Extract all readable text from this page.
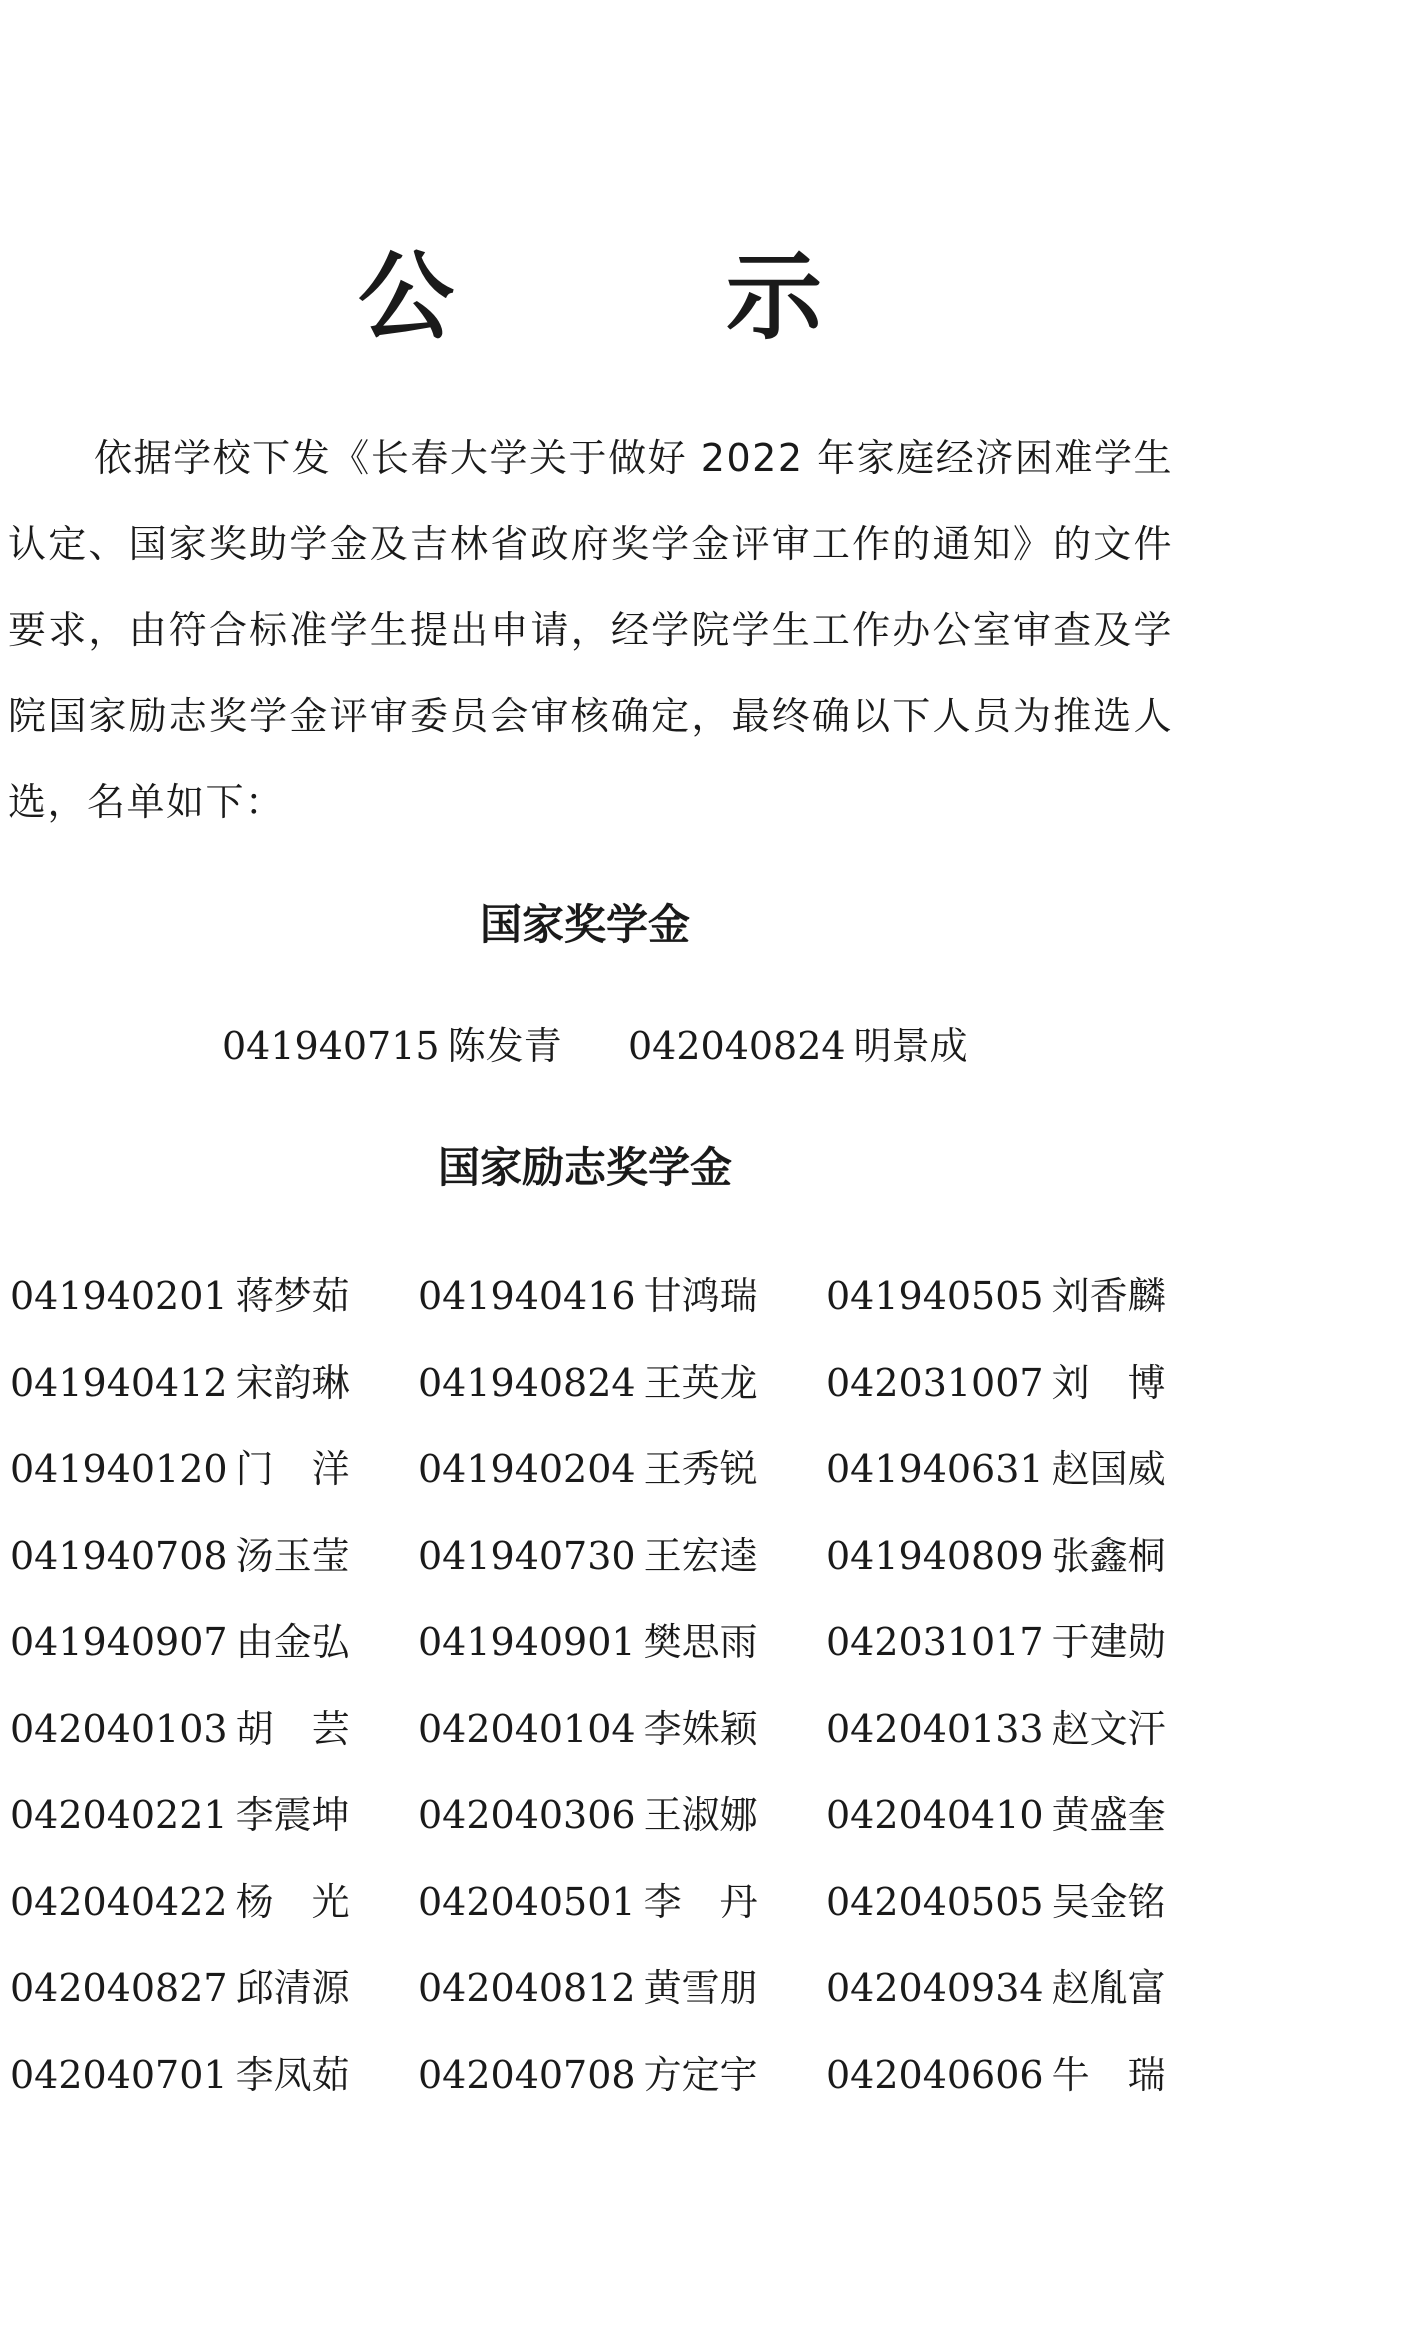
公　示
依据学校下发《长春大学关于做好 2022 年家庭经济困难学生认定、国家奖助学金及吉林省政府奖学金评审工作的通知》的文件要求，由符合标准学生提出申请，经学院学生工作办公室审查及学院国家励志奖学金评审委员会审核确定，最终确以下人员为推选人选，名单如下：
国家奖学金
041940715 陈发青 042040824 明景成
国家励志奖学金
041940201 蒋梦茹 041940416 甘鸿瑞 041940505 刘香麟
041940412 宋韵琳 041940824 王英龙 042031007 刘　博
041940120 门　洋 041940204 王秀锐 041940631 赵国威
041940708 汤玉莹 041940730 王宏逵 041940809 张鑫桐
041940907 由金弘 041940901 樊思雨 042031017 于建勋
042040103 胡　芸 042040104 李姝颖 042040133 赵文汗
042040221 李震坤 042040306 王淑娜 042040410 黄盛奎
042040422 杨　光 042040501 李　丹 042040505 吴金铭
042040827 邱清源 042040812 黄雪朋 042040934 赵胤富
042040701 李凤茹 042040708 方定宇 042040606 牛　瑞
